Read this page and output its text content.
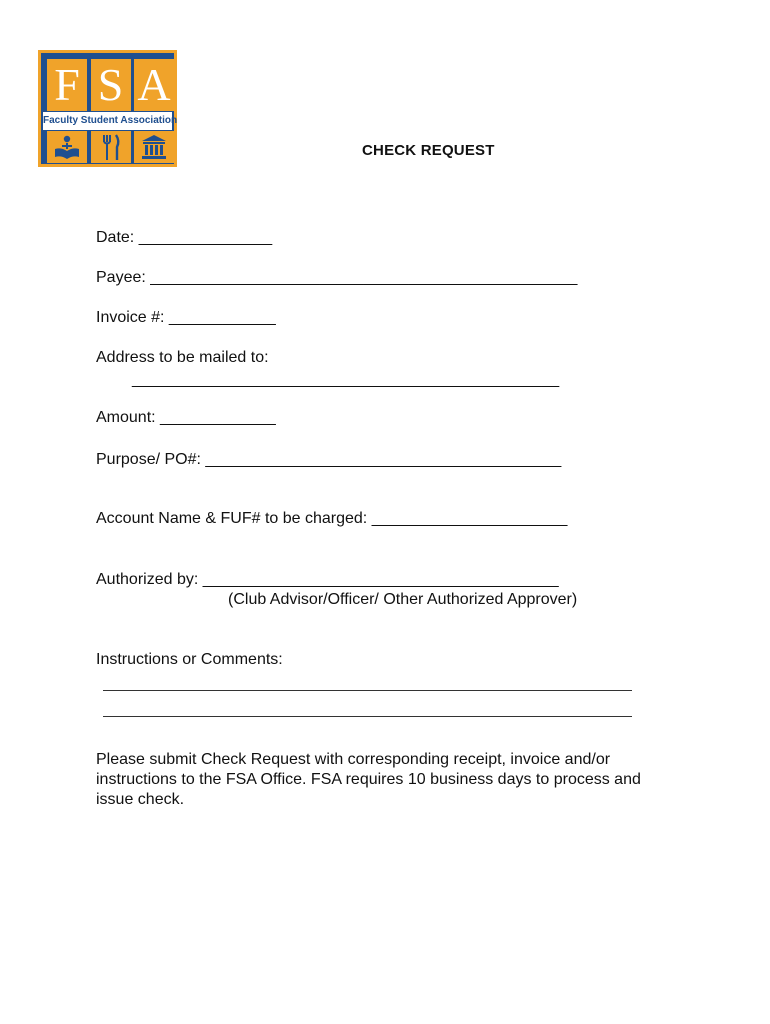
F S A
Faculty Student Association
CHECK REQUEST
Date: _______________
Payee: ________________________________________________
Invoice #: ____________
Address to be mailed to:
________________________________________________
Amount: _____________
Purpose/ PO#: ________________________________________
Account Name & FUF# to be charged: ______________________
Authorized by: ________________________________________
(Club Advisor/Officer/ Other Authorized Approver)
Instructions or Comments:
Please submit Check Request with corresponding receipt, invoice and/or instructions to the FSA Office. FSA requires 10 business days to process and issue check.
